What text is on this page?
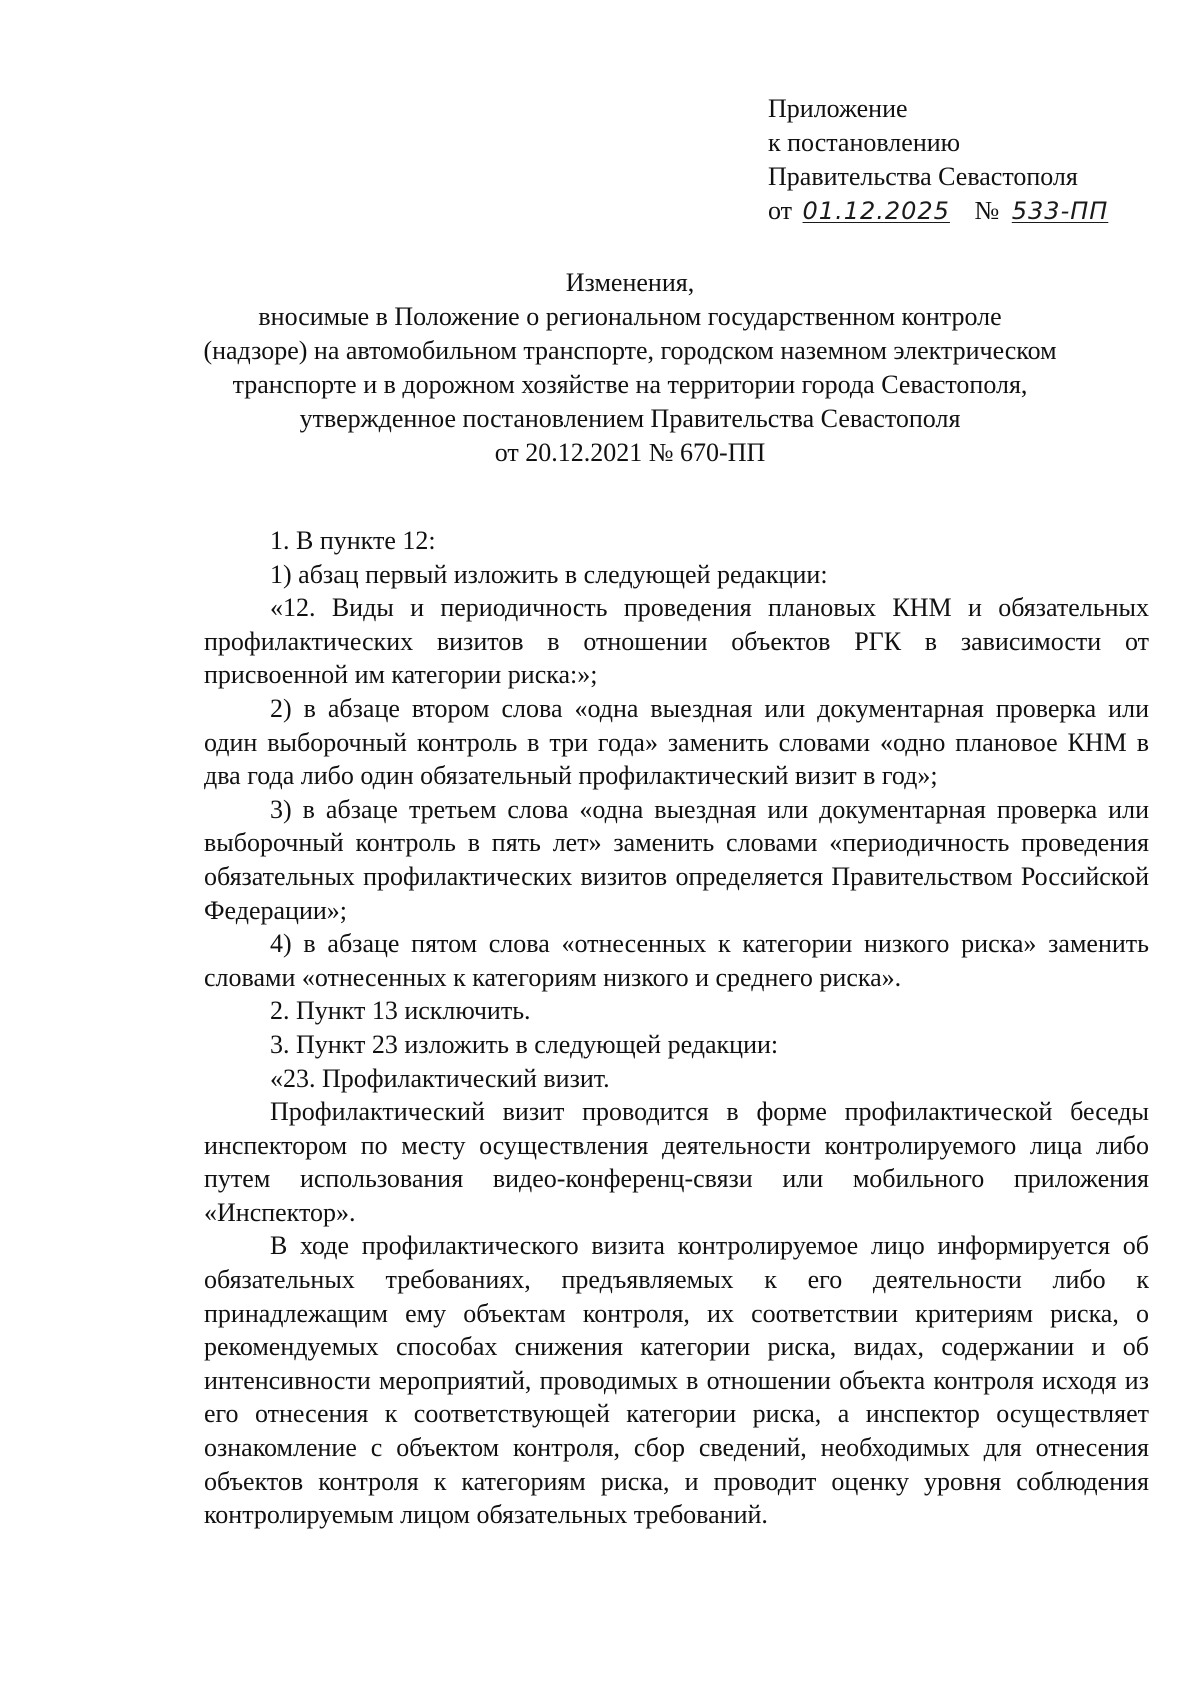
Приложение
к постановлению
Правительства Севастополя
от 01.12.2025 № 533-ПП
Изменения,
вносимые в Положение о региональном государственном контроле
(надзоре) на автомобильном транспорте, городском наземном электрическом
транспорте и в дорожном хозяйстве на территории города Севастополя,
утвержденное постановлением Правительства Севастополя
от 20.12.2021 № 670-ПП

1. В пункте 12:

1) абзац первый изложить в следующей редакции:

«12. Виды и периодичность проведения плановых КНМ и обязательных профилактических визитов в отношении объектов РГК в зависимости от присвоенной им категории риска:»;

2) в абзаце втором слова «одна выездная или документарная проверка или один выборочный контроль в три года» заменить словами «одно плановое КНМ в два года либо один обязательный профилактический визит в год»;

3) в абзаце третьем слова «одна выездная или документарная проверка или выборочный контроль в пять лет» заменить словами «периодичность проведения обязательных профилактических визитов определяется Правительством Российской Федерации»;

4) в абзаце пятом слова «отнесенных к категории низкого риска» заменить словами «отнесенных к категориям низкого и среднего риска».

2. Пункт 13 исключить.

3. Пункт 23 изложить в следующей редакции:

«23. Профилактический визит.

Профилактический визит проводится в форме профилактической беседы инспектором по месту осуществления деятельности контролируемого лица либо путем использования видео-конференц-связи или мобильного приложения «Инспектор».

В ходе профилактического визита контролируемое лицо информируется об обязательных требованиях, предъявляемых к его деятельности либо к принадлежащим ему объектам контроля, их соответствии критериям риска, о рекомендуемых способах снижения категории риска, видах, содержании и об интенсивности мероприятий, проводимых в отношении объекта контроля исходя из его отнесения к соответствующей категории риска, а инспектор осуществляет ознакомление с объектом контроля, сбор сведений, необходимых для отнесения объектов контроля к категориям риска, и проводит оценку уровня соблюдения контролируемым лицом обязательных требований.
